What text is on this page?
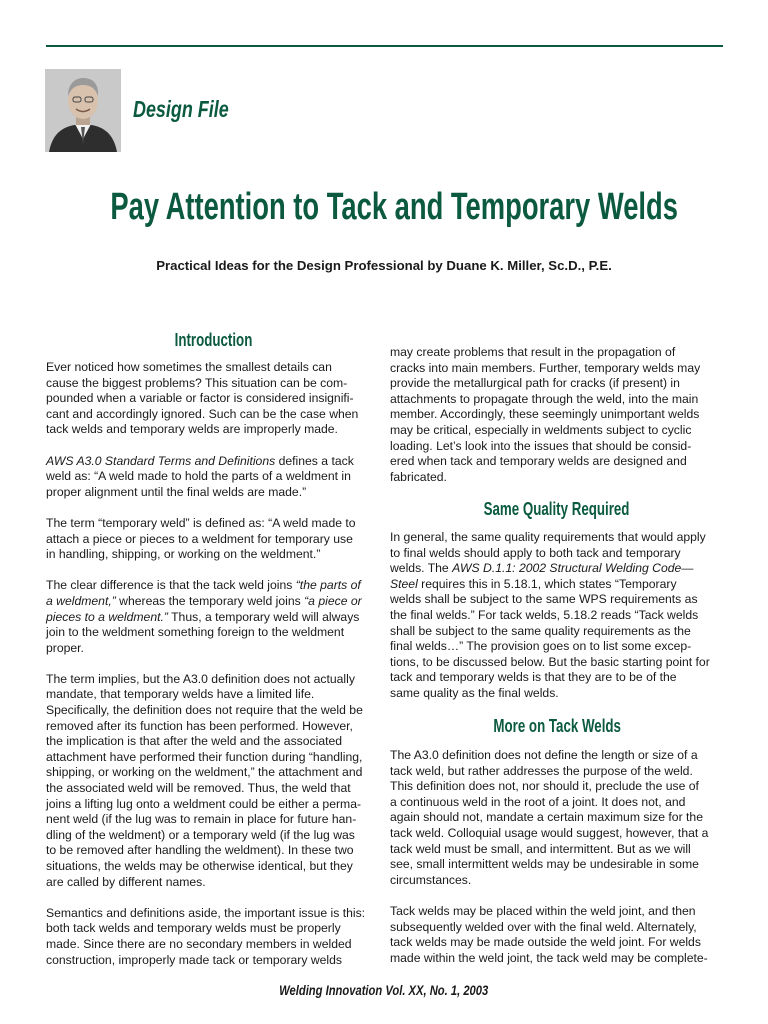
Design File
Pay Attention to Tack and Temporary Welds
Practical Ideas for the Design Professional by Duane K. Miller, Sc.D., P.E.
Introduction

Ever noticed how sometimes the smallest details can
cause the biggest problems? This situation can be com-
pounded when a variable or factor is considered insignifi-
cant and accordingly ignored. Such can be the case when
tack welds and temporary welds are improperly made.

AWS A3.0 Standard Terms and Definitions defines a tack
weld as: “A weld made to hold the parts of a weldment in
proper alignment until the final welds are made.”

The term “temporary weld” is defined as: “A weld made to
attach a piece or pieces to a weldment for temporary use
in handling, shipping, or working on the weldment.”

The clear difference is that the tack weld joins “the parts of
a weldment,” whereas the temporary weld joins “a piece or
pieces to a weldment.” Thus, a temporary weld will always
join to the weldment something foreign to the weldment
proper.

The term implies, but the A3.0 definition does not actually
mandate, that temporary welds have a limited life.
Specifically, the definition does not require that the weld be
removed after its function has been performed. However,
the implication is that after the weld and the associated
attachment have performed their function during “handling,
shipping, or working on the weldment,” the attachment and
the associated weld will be removed. Thus, the weld that
joins a lifting lug onto a weldment could be either a perma-
nent weld (if the lug was to remain in place for future han-
dling of the weldment) or a temporary weld (if the lug was
to be removed after handling the weldment). In these two
situations, the welds may be otherwise identical, but they
are called by different names.

Semantics and definitions aside, the important issue is this:
both tack welds and temporary welds must be properly
made. Since there are no secondary members in welded
construction, improperly made tack or temporary welds

may create problems that result in the propagation of
cracks into main members. Further, temporary welds may
provide the metallurgical path for cracks (if present) in
attachments to propagate through the weld, into the main
member. Accordingly, these seemingly unimportant welds
may be critical, especially in weldments subject to cyclic
loading. Let’s look into the issues that should be consid-
ered when tack and temporary welds are designed and
fabricated.

Same Quality Required

In general, the same quality requirements that would apply
to final welds should apply to both tack and temporary
welds. The AWS D.1.1: 2002 Structural Welding Code—
Steel requires this in 5.18.1, which states “Temporary
welds shall be subject to the same WPS requirements as
the final welds.” For tack welds, 5.18.2 reads “Tack welds
shall be subject to the same quality requirements as the
final welds…” The provision goes on to list some excep-
tions, to be discussed below. But the basic starting point for
tack and temporary welds is that they are to be of the
same quality as the final welds.

More on Tack Welds

The A3.0 definition does not define the length or size of a
tack weld, but rather addresses the purpose of the weld.
This definition does not, nor should it, preclude the use of
a continuous weld in the root of a joint. It does not, and
again should not, mandate a certain maximum size for the
tack weld. Colloquial usage would suggest, however, that a
tack weld must be small, and intermittent. But as we will
see, small intermittent welds may be undesirable in some
circumstances.

Tack welds may be placed within the weld joint, and then
subsequently welded over with the final weld. Alternately,
tack welds may be made outside the weld joint. For welds
made within the weld joint, the tack weld may be complete-

Welding Innovation Vol. XX, No. 1, 2003
